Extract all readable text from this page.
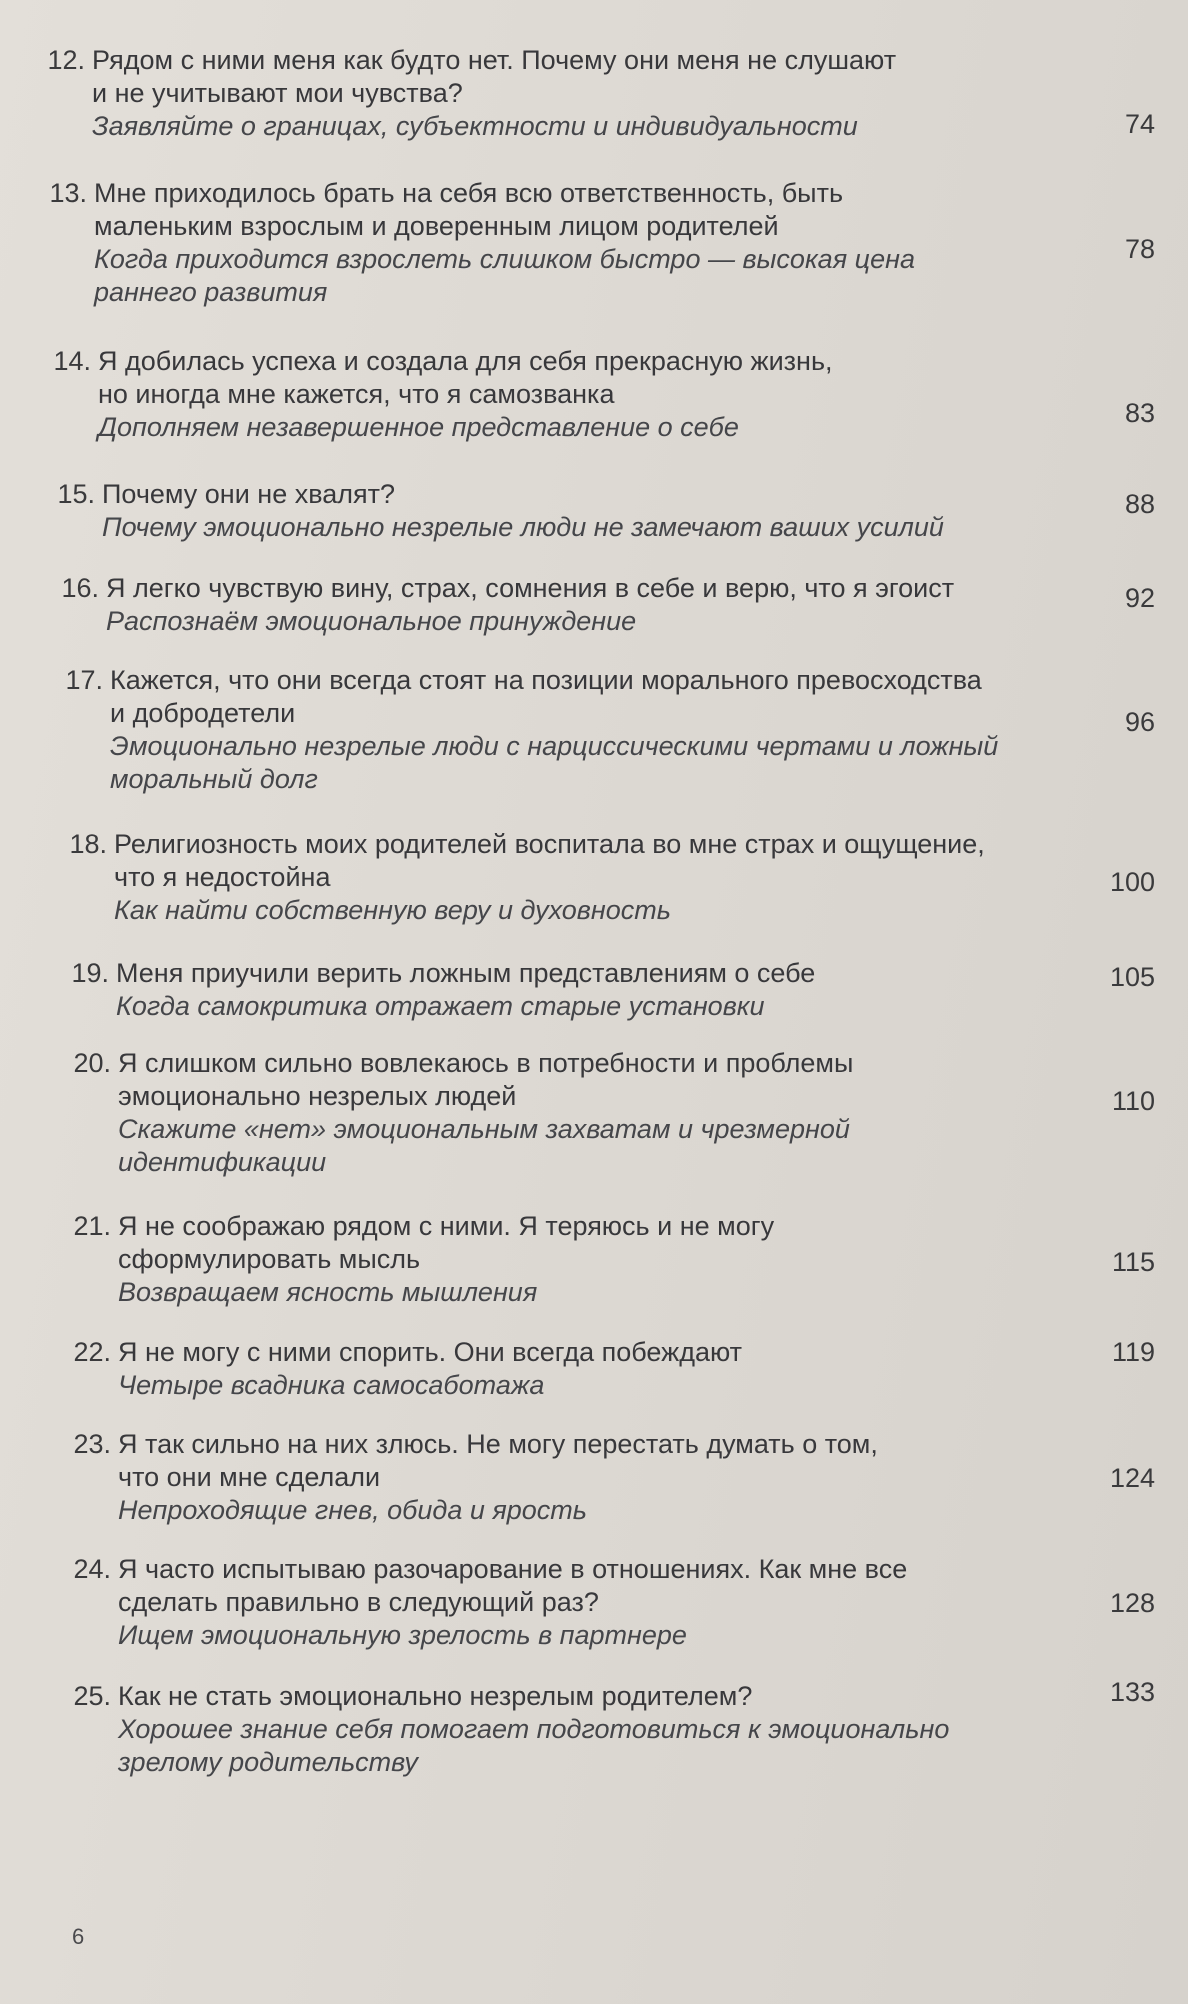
12. Рядом с ними меня как будто нет. Почему они меня не слушают
и не учитывают мои чувства?
Заявляйте о границах, субъектности и индивидуальности	74
13. Мне приходилось брать на себя всю ответственность, быть
маленьким взрослым и доверенным лицом родителей
Когда приходится взрослеть слишком быстро — высокая цена
раннего развития
78
14. Я добилась успеха и создала для себя прекрасную жизнь,
но иногда мне кажется, что я самозванка
Дополняем незавершенное представление о себе	83
15. Почему они не хвалят?
Почему эмоционально незрелые люди не замечают ваших усилий
88
16. Я легко чувствую вину, страх, сомнения в себе и верю, что я эгоист
Распознаём эмоциональное принуждение
92
17. Кажется, что они всегда стоят на позиции морального превосходства
и добродетели
Эмоционально незрелые люди с нарциссическими чертами и ложный
моральный долг
96
18. Религиозность моих родителей воспитала во мне страх и ощущение,
что я недостойна
Как найти собственную веру и духовность
100
19. Меня приучили верить ложным представлениям о себе
Когда самокритика отражает старые установки
105
20. Я слишком сильно вовлекаюсь в потребности и проблемы
эмоционально незрелых людей
Скажите «нет» эмоциональным захватам и чрезмерной
идентификации
110
21. Я не соображаю рядом с ними. Я теряюсь и не могу
сформулировать мысль
Возвращаем ясность мышления
115
22. Я не могу с ними спорить. Они всегда побеждают
Четыре всадника самосаботажа
119
23. Я так сильно на них злюсь. Не могу перестать думать о том,
что они мне сделали
Непроходящие гнев, обида и ярость
124
24. Я часто испытываю разочарование в отношениях. Как мне все
сделать правильно в следующий раз?
Ищем эмоциональную зрелость в партнере
128
25. Как не стать эмоционально незрелым родителем?
Хорошее знание себя помогает подготовиться к эмоционально
зрелому родительству
133
6
